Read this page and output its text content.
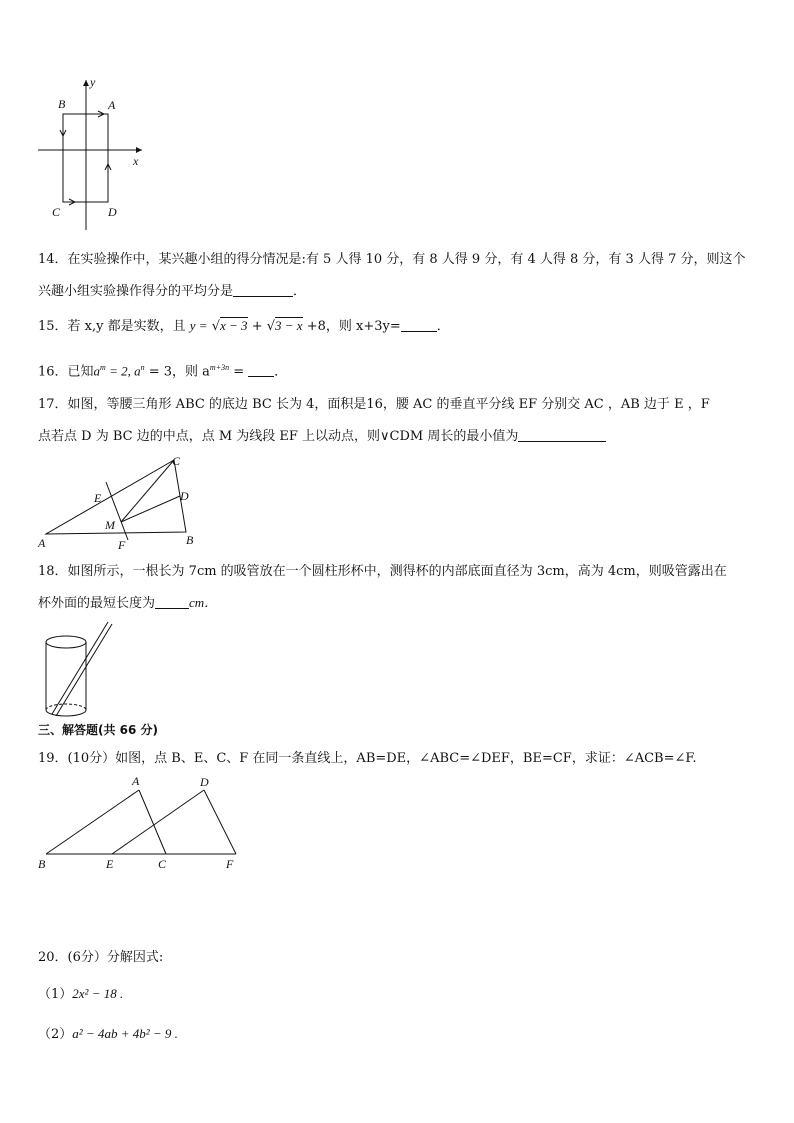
y
x
A
B
C	D
14．在实验操作中，某兴趣小组的得分情况是:有 5 人得 10 分，有 8 人得 9 分，有 4 人得 8 分，有 3 人得 7 分，则这个
兴趣小组实验操作得分的平均分是	．
15．若 x,y 都是实数，且 y = √x − 3 + √3 − x +8，则 x+3y=	．
16．已知$a^m = 2$, $a^n = 3$，则 $a^{m+3n}$ = ．
17．如图，等腰三角形 ABC 的底边 BC 长为 4，面积是16，腰 AC 的垂直平分线 EF 分别交 AC ，AB 边于 E ，F
点若点 D 为 BC 边的中点，点 M 为线段 EF 上以动点，则∨CDM 周长的最小值为
A	B
C
D
E
F
M
18．如图所示，一根长为 7cm 的吸管放在一个圆柱形杯中，测得杯的内部底面直径为 3cm，高为 4cm，则吸管露出在
杯外面的最短长度为	cm．
三、解答题(共 66 分)
19．(10分）如图，点 B、E、C、F 在同一条直线上，AB=DE，∠ABC=∠DEF，BE=CF，求证：∠ACB=∠F.
A
B	C
D
E	F
20．(6分）分解因式:
（1）2x² − 18 .
（2）a² − 4ab + 4b² − 9 .
